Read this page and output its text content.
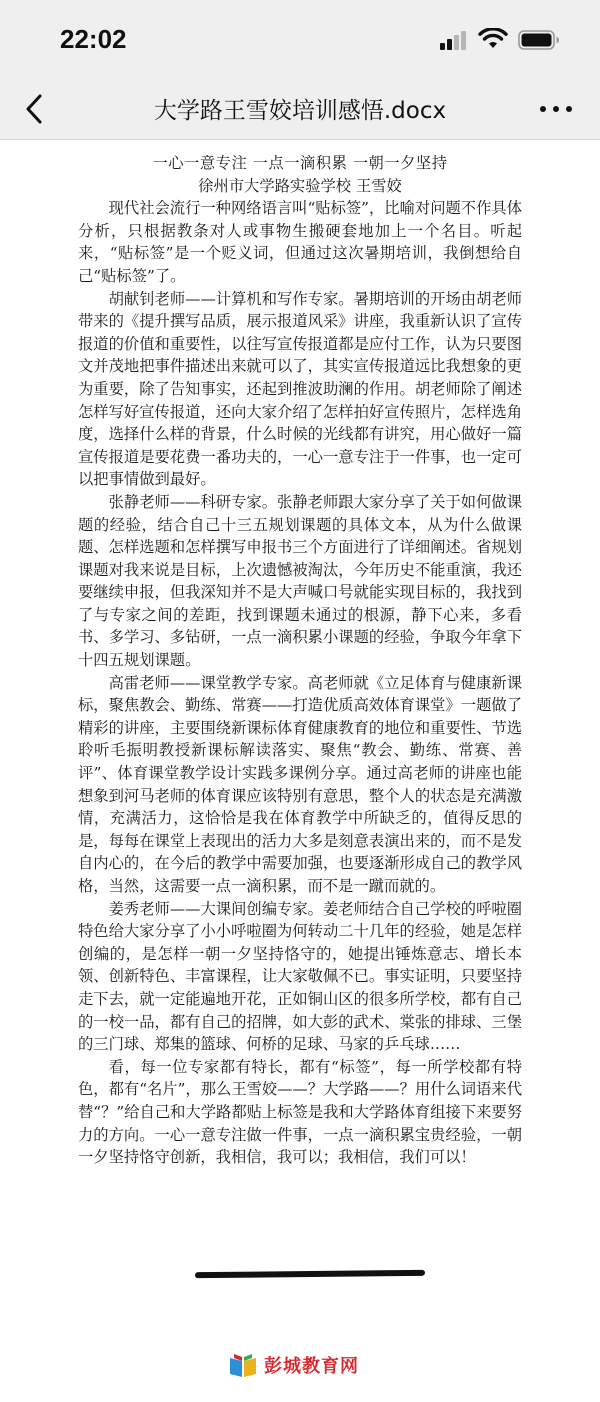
22:02
大学路王雪姣培训感悟.docx
一心一意专注 一点一滴积累 一朝一夕坚持
徐州市大学路实验学校 王雪姣

现代社会流行一种网络语言叫“贴标签”，比喻对问题不作具体分析，只根据教条对人或事物生搬硬套地加上一个名目。听起来，“贴标签”是一个贬义词，但通过这次暑期培训，我倒想给自己“贴标签”了。

胡献钊老师——计算机和写作专家。暑期培训的开场由胡老师带来的《提升撰写品质，展示报道风采》讲座，我重新认识了宣传报道的价值和重要性，以往写宣传报道都是应付工作，认为只要图文并茂地把事件描述出来就可以了，其实宣传报道远比我想象的更为重要，除了告知事实，还起到推波助澜的作用。胡老师除了阐述怎样写好宣传报道，还向大家介绍了怎样拍好宣传照片，怎样选角度，选择什么样的背景，什么时候的光线都有讲究，用心做好一篇宣传报道是要花费一番功夫的，一心一意专注于一件事，也一定可以把事情做到最好。

张静老师——科研专家。张静老师跟大家分享了关于如何做课题的经验，结合自己十三五规划课题的具体文本，从为什么做课题、怎样选题和怎样撰写申报书三个方面进行了详细阐述。省规划课题对我来说是目标，上次遗憾被淘汰，今年历史不能重演，我还要继续申报，但我深知并不是大声喊口号就能实现目标的，我找到了与专家之间的差距，找到课题未通过的根源，静下心来，多看书、多学习、多钻研，一点一滴积累小课题的经验，争取今年拿下十四五规划课题。

高雷老师——课堂教学专家。高老师就《立足体育与健康新课标，聚焦教会、勤练、常赛——打造优质高效体育课堂》一题做了精彩的讲座，主要围绕新课标体育健康教育的地位和重要性、节选聆听毛振明教授新课标解读落实、聚焦“教会、勤练、常赛、善评”、体育课堂教学设计实践多课例分享。通过高老师的讲座也能想象到河马老师的体育课应该特别有意思，整个人的状态是充满激情，充满活力，这恰恰是我在体育教学中所缺乏的，值得反思的是，每每在课堂上表现出的活力大多是刻意表演出来的，而不是发自内心的，在今后的教学中需要加强，也要逐渐形成自己的教学风格，当然，这需要一点一滴积累，而不是一蹴而就的。

姜秀老师——大课间创编专家。姜老师结合自己学校的呼啦圈特色给大家分享了小小呼啦圈为何转动二十几年的经验，她是怎样创编的，是怎样一朝一夕坚持恪守的，她提出锤炼意志、增长本领、创新特色、丰富课程，让大家敬佩不已。事实证明，只要坚持走下去，就一定能遍地开花，正如铜山区的很多所学校，都有自己的一校一品，都有自己的招牌，如大彭的武术、棠张的排球、三堡的三门球、郑集的篮球、何桥的足球、马家的乒乓球……

看，每一位专家都有特长，都有“标签”，每一所学校都有特色，都有“名片”，那么王雪姣——？大学路——？用什么词语来代替“？”给自己和大学路都贴上标签是我和大学路体育组接下来要努力的方向。一心一意专注做一件事，一点一滴积累宝贵经验，一朝一夕坚持恪守创新，我相信，我可以；我相信，我们可以！

彭城教育网
